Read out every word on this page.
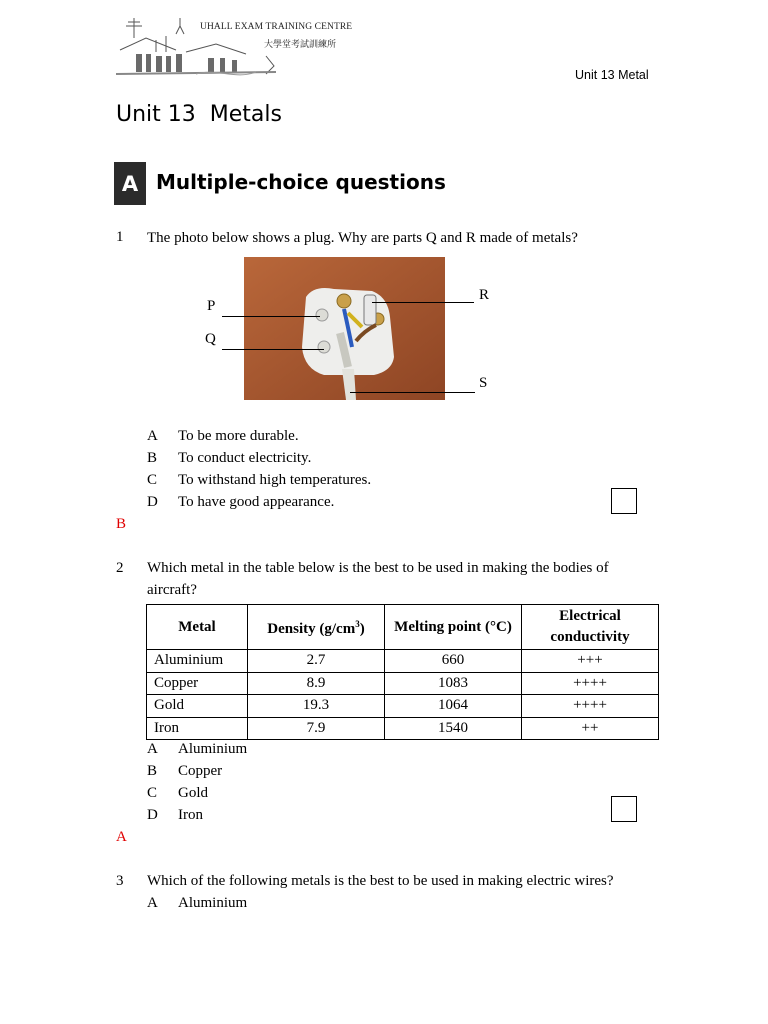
UHALL EXAM TRAINING CENTRE
大學堂考試訓練所
Unit 13 Metal
Unit 13  Metals
A Multiple-choice questions
1 The photo below shows a plug. Why are parts Q and R made of metals?
P
Q
R
S
A To be more durable.
B To conduct electricity.
C To withstand high temperatures.
D To have good appearance.
B
2 Which metal in the table below is the best to be used in making the bodies of aircraft?
Metal	Density $(g/cm^3)$	Melting point (°C)	Electrical conductivity
Aluminium	2.7	660	+++
Copper	8.9	1083	++++
Gold	19.3	1064	++++
Iron	7.9	1540	++
A Aluminium
B Copper
C Gold
D Iron
A
3 Which of the following metals is the best to be used in making electric wires?
A Aluminium
